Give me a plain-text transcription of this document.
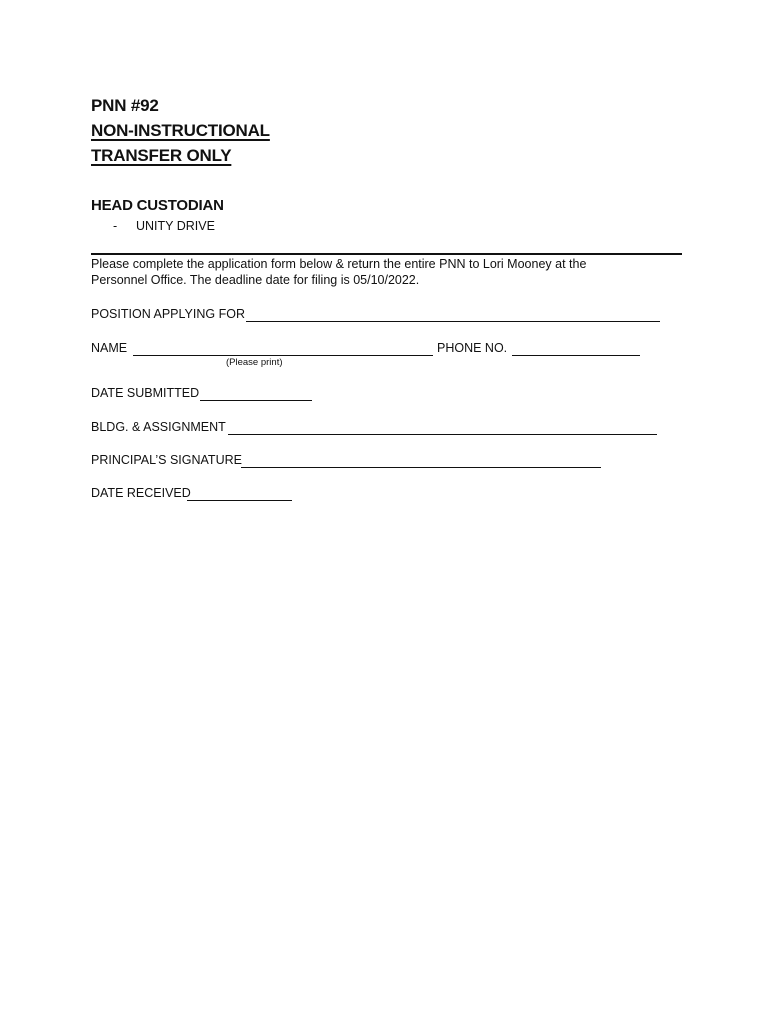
PNN #92
NON-INSTRUCTIONAL
TRANSFER ONLY
HEAD CUSTODIAN
- UNITY DRIVE
Please complete the application form below & return the entire PNN to Lori Mooney at the
Personnel Office. The deadline date for filing is 05/10/2022.
POSITION APPLYING FOR
NAME
(Please print)
PHONE NO.
DATE SUBMITTED
BLDG. & ASSIGNMENT
PRINCIPAL’S SIGNATURE
DATE RECEIVED
